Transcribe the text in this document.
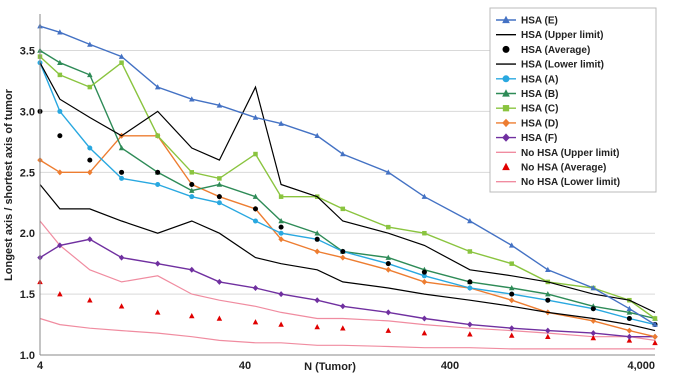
1.0
1.5
2.0
2.5
3.0
3.5
4	40	400	4,000
N (Tumor)
Longest axis / shortest axis of tumor
HSA (E)
HSA (Upper limit)
HSA (Average)
HSA (Lower limit)
HSA (A)
HSA (B)
HSA (C)
HSA (D)
HSA (F)
No HSA (Upper limit)
No HSA (Average)
No HSA (Lower limit)
